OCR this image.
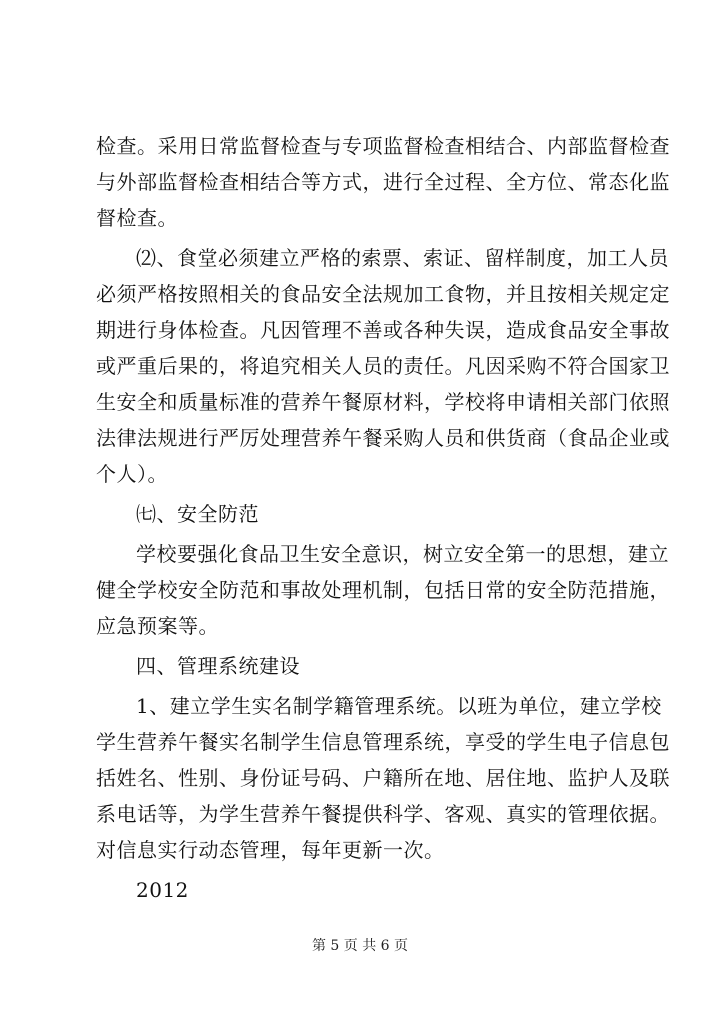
检查。采用日常监督检查与专项监督检查相结合、内部监督检查
与外部监督检查相结合等方式，进行全过程、全方位、常态化监
督检查。
⑵、食堂必须建立严格的索票、索证、留样制度，加工人员
必须严格按照相关的食品安全法规加工食物，并且按相关规定定
期进行身体检查。凡因管理不善或各种失误，造成食品安全事故
或严重后果的，将追究相关人员的责任。凡因采购不符合国家卫
生安全和质量标准的营养午餐原材料，学校将申请相关部门依照
法律法规进行严厉处理营养午餐采购人员和供货商（食品企业或
个人）。
㈦、安全防范
学校要强化食品卫生安全意识，树立安全第一的思想，建立
健全学校安全防范和事故处理机制，包括日常的安全防范措施，
应急预案等。
四、管理系统建设
1、建立学生实名制学籍管理系统。以班为单位，建立学校
学生营养午餐实名制学生信息管理系统，享受的学生电子信息包
括姓名、性别、身份证号码、户籍所在地、居住地、监护人及联
系电话等，为学生营养午餐提供科学、客观、真实的管理依据。
对信息实行动态管理，每年更新一次。
2012
第 5 页 共 6 页
